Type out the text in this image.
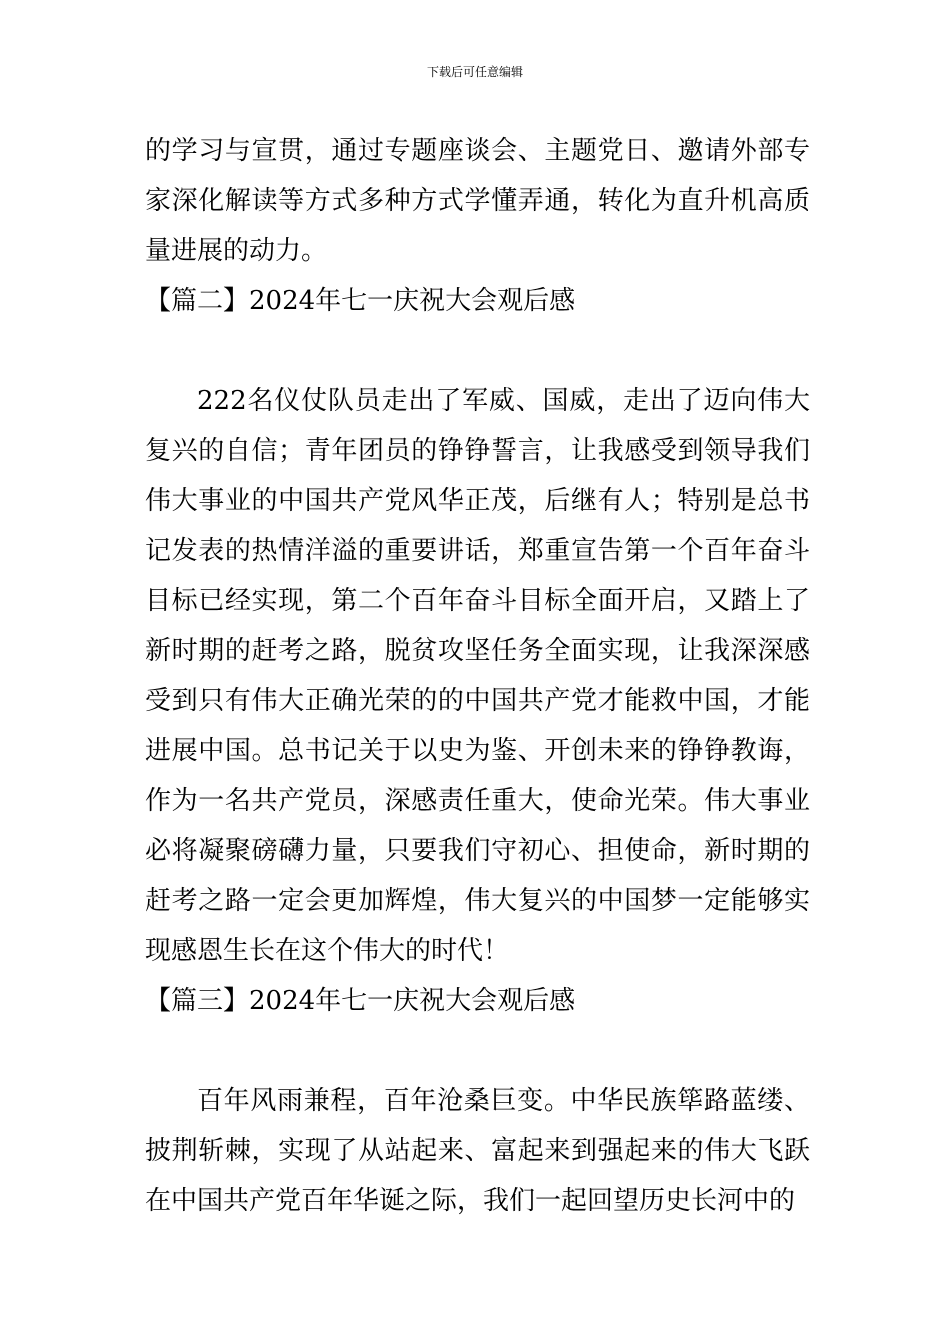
下载后可任意编辑

的学习与宣贯，通过专题座谈会、主题党日、邀请外部专家深化解读等方式多种方式学懂弄通，转化为直升机高质量进展的动力。

【篇二】2024年七一庆祝大会观后感

222名仪仗队员走出了军威、国威，走出了迈向伟大复兴的自信；青年团员的铮铮誓言，让我感受到领导我们伟大事业的中国共产党风华正茂，后继有人；特别是总书记发表的热情洋溢的重要讲话，郑重宣告第一个百年奋斗目标已经实现，第二个百年奋斗目标全面开启，又踏上了新时期的赶考之路，脱贫攻坚任务全面实现，让我深深感受到只有伟大正确光荣的的中国共产党才能救中国，才能进展中国。总书记关于以史为鉴、开创未来的铮铮教诲，作为一名共产党员，深感责任重大，使命光荣。伟大事业必将凝聚磅礴力量，只要我们守初心、担使命，新时期的赶考之路一定会更加辉煌，伟大复兴的中国梦一定能够实现感恩生长在这个伟大的时代！

【篇三】2024年七一庆祝大会观后感

百年风雨兼程，百年沧桑巨变。中华民族筚路蓝缕、披荆斩棘，实现了从站起来、富起来到强起来的伟大飞跃在中国共产党百年华诞之际，我们一起回望历史长河中的
